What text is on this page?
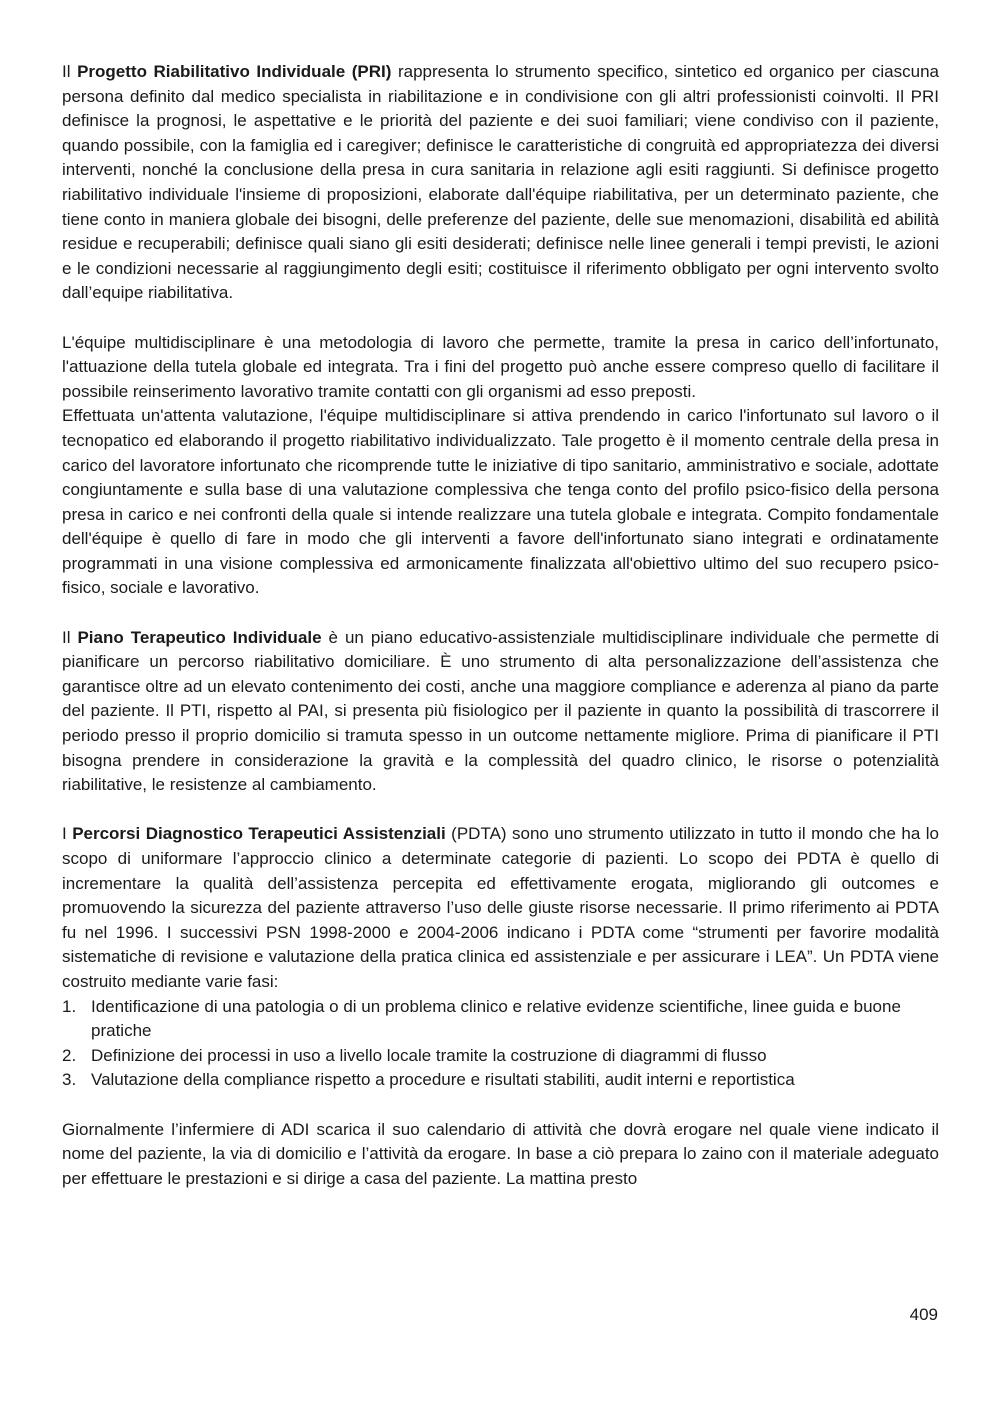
Il Progetto Riabilitativo Individuale (PRI) rappresenta lo strumento specifico, sintetico ed organico per ciascuna persona definito dal medico specialista in riabilitazione e in condivisione con gli altri professionisti coinvolti. Il PRI definisce la prognosi, le aspettative e le priorità del paziente e dei suoi familiari; viene condiviso con il paziente, quando possibile, con la famiglia ed i caregiver; definisce le caratteristiche di congruità ed appropriatezza dei diversi interventi, nonché la conclusione della presa in cura sanitaria in relazione agli esiti raggiunti. Si definisce progetto riabilitativo individuale l'insieme di proposizioni, elaborate dall'équipe riabilitativa, per un determinato paziente, che tiene conto in maniera globale dei bisogni, delle preferenze del paziente, delle sue menomazioni, disabilità ed abilità residue e recuperabili; definisce quali siano gli esiti desiderati; definisce nelle linee generali i tempi previsti, le azioni e le condizioni necessarie al raggiungimento degli esiti; costituisce il riferimento obbligato per ogni intervento svolto dall’equipe riabilitativa.

L'équipe multidisciplinare è una metodologia di lavoro che permette, tramite la presa in carico dell’infortunato, l'attuazione della tutela globale ed integrata. Tra i fini del progetto può anche essere compreso quello di facilitare il possibile reinserimento lavorativo tramite contatti con gli organismi ad esso preposti.

Effettuata un'attenta valutazione, l'équipe multidisciplinare si attiva prendendo in carico l'infortunato sul lavoro o il tecnopatico ed elaborando il progetto riabilitativo individualizzato. Tale progetto è il momento centrale della presa in carico del lavoratore infortunato che ricomprende tutte le iniziative di tipo sanitario, amministrativo e sociale, adottate congiuntamente e sulla base di una valutazione complessiva che tenga conto del profilo psico-fisico della persona presa in carico e nei confronti della quale si intende realizzare una tutela globale e integrata. Compito fondamentale dell'équipe è quello di fare in modo che gli interventi a favore dell'infortunato siano integrati e ordinatamente programmati in una visione complessiva ed armonicamente finalizzata all'obiettivo ultimo del suo recupero psico-fisico, sociale e lavorativo.

Il Piano Terapeutico Individuale è un piano educativo-assistenziale multidisciplinare individuale che permette di pianificare un percorso riabilitativo domiciliare. È uno strumento di alta personalizzazione dell’assistenza che garantisce oltre ad un elevato contenimento dei costi, anche una maggiore compliance e aderenza al piano da parte del paziente. Il PTI, rispetto al PAI, si presenta più fisiologico per il paziente in quanto la possibilità di trascorrere il periodo presso il proprio domicilio si tramuta spesso in un outcome nettamente migliore. Prima di pianificare il PTI bisogna prendere in considerazione la gravità e la complessità del quadro clinico, le risorse o potenzialità riabilitative, le resistenze al cambiamento.

I Percorsi Diagnostico Terapeutici Assistenziali (PDTA) sono uno strumento utilizzato in tutto il mondo che ha lo scopo di uniformare l’approccio clinico a determinate categorie di pazienti. Lo scopo dei PDTA è quello di incrementare la qualità dell’assistenza percepita ed effettivamente erogata, migliorando gli outcomes e promuovendo la sicurezza del paziente attraverso l’uso delle giuste risorse necessarie. Il primo riferimento ai PDTA fu nel 1996. I successivi PSN 1998-2000 e 2004-2006 indicano i PDTA come “strumenti per favorire modalità sistematiche di revisione e valutazione della pratica clinica ed assistenziale e per assicurare i LEA”. Un PDTA viene costruito mediante varie fasi:

1. Identificazione di una patologia o di un problema clinico e relative evidenze scientifiche, linee guida e buone pratiche
2. Definizione dei processi in uso a livello locale tramite la costruzione di diagrammi di flusso
3. Valutazione della compliance rispetto a procedure e risultati stabiliti, audit interni e reportistica

Giornalmente l’infermiere di ADI scarica il suo calendario di attività che dovrà erogare nel quale viene indicato il nome del paziente, la via di domicilio e l’attività da erogare. In base a ciò prepara lo zaino con il materiale adeguato per effettuare le prestazioni e si dirige a casa del paziente. La mattina presto

409
